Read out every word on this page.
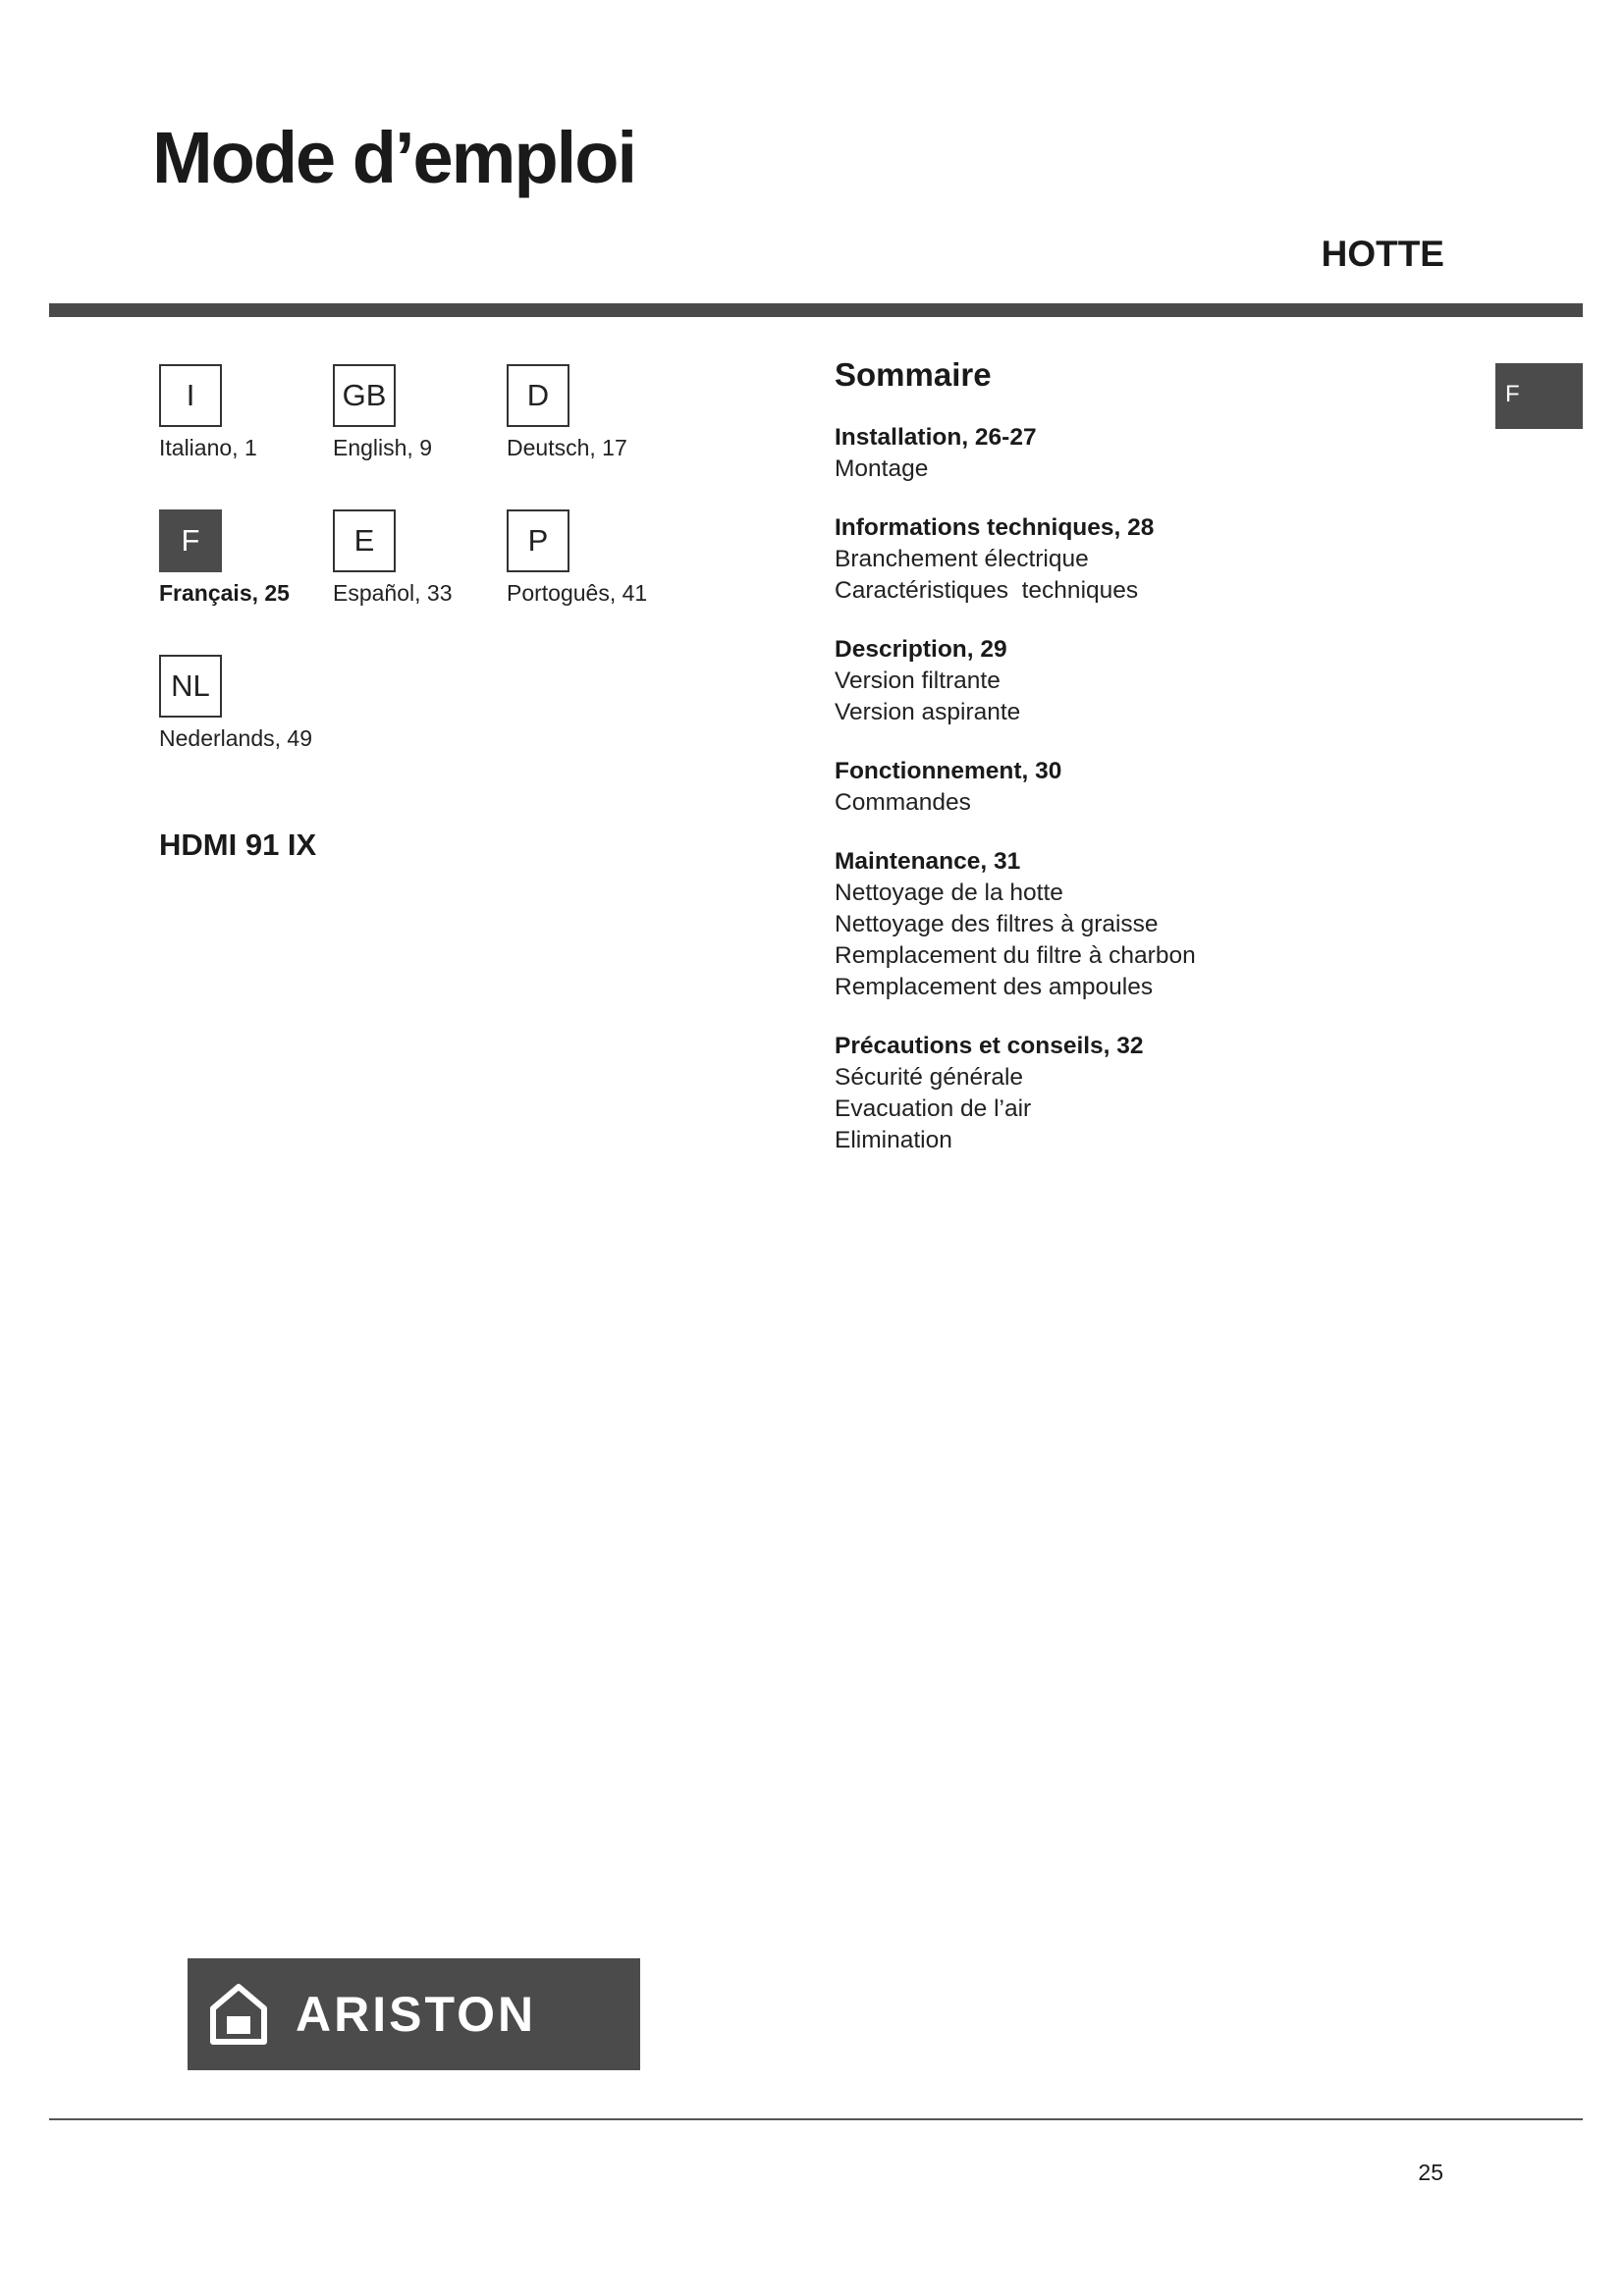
Mode d’emploi
HOTTE
I
Italiano, 1
GB
English, 9
D
Deutsch, 17
F
Français, 25
E
Español, 33
P
Portoguês, 41
NL
Nederlands, 49
HDMI 91 IX
Sommaire
Installation, 26-27
Montage
Informations techniques, 28
Branchement électrique
Caractéristiques  techniques
Description, 29
Version filtrante
Version aspirante
Fonctionnement, 30
Commandes
Maintenance, 31
Nettoyage de la hotte
Nettoyage des filtres à graisse
Remplacement du filtre à charbon
Remplacement des ampoules
Précautions et conseils, 32
Sécurité générale
Evacuation de l’air
Elimination
F
ARISTON
25
